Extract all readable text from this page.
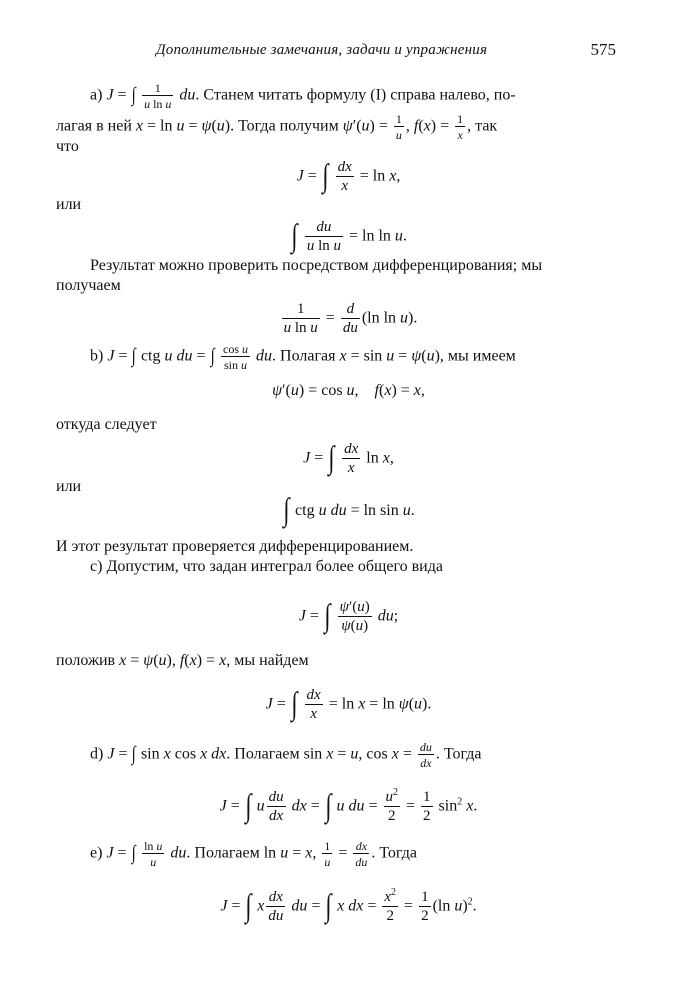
Дополнительные замечания, задачи и упражнения	575
a) J = ∫ $\frac{1}{\text{u ln u}}$ du. Станем читать формулу (I) справа налево, по-
лагая в ней x = ln u = ψ(u). Тогда получим $\psi'(u) = \frac{1}{u}$ , $f(x) = \frac{1}{x}$ , так
что
J = ∫ $\frac{dx}{x} = \ln x$,
или
∫ $\frac{du}{\text{u ln u}} = \ln \ln u$.
Результат можно проверить посредством дифференцирования; мы
получаем
$\frac{1}{\text{u ln u}} = \frac{d}{du} (\ln$ ln u).
b) J = ∫ ctg u du = ∫ $\frac{\text{cos u}}{\text{sin u}}$ du. Полагая x = sin u = ψ(u), мы имеем
ψ′(u) = cos u,    f(x) = x,
откуда следует
J = ∫ $\frac{dx}{x}$ ln x,
или
∫ ctg u du = ln sin u.
И этот результат проверяется дифференцированием.
c) Допустим, что задан интеграл более общего вида
J = ∫ $\frac{\psi'(u)}{\psi(u)}$ du;
положив x = ψ(u), f(x) = x, мы найдем
J = ∫ $\frac{dx}{x} = \ln x = \ln \psi(u)$.
d) J = ∫ sin x cos x dx. Полагаем sin x = u, $\cos x = \frac{du}{dx}$ . Тогда
J = ∫ u $\frac{du}{dx}$ dx = ∫ u du = $\frac{u^2}{2} = \frac{1}{2} \sin^2 x$.
e) J = ∫ $\frac{\text{ln u}}{u}$ du. Полагаем ln u = x, $\frac{1}{u} = \frac{dx}{du}$ . Тогда
J = ∫ x $\frac{dx}{du}$ du = ∫ x dx = $\frac{x^2}{2} = \frac{1}{2} (\ln$ u)$^2$.
